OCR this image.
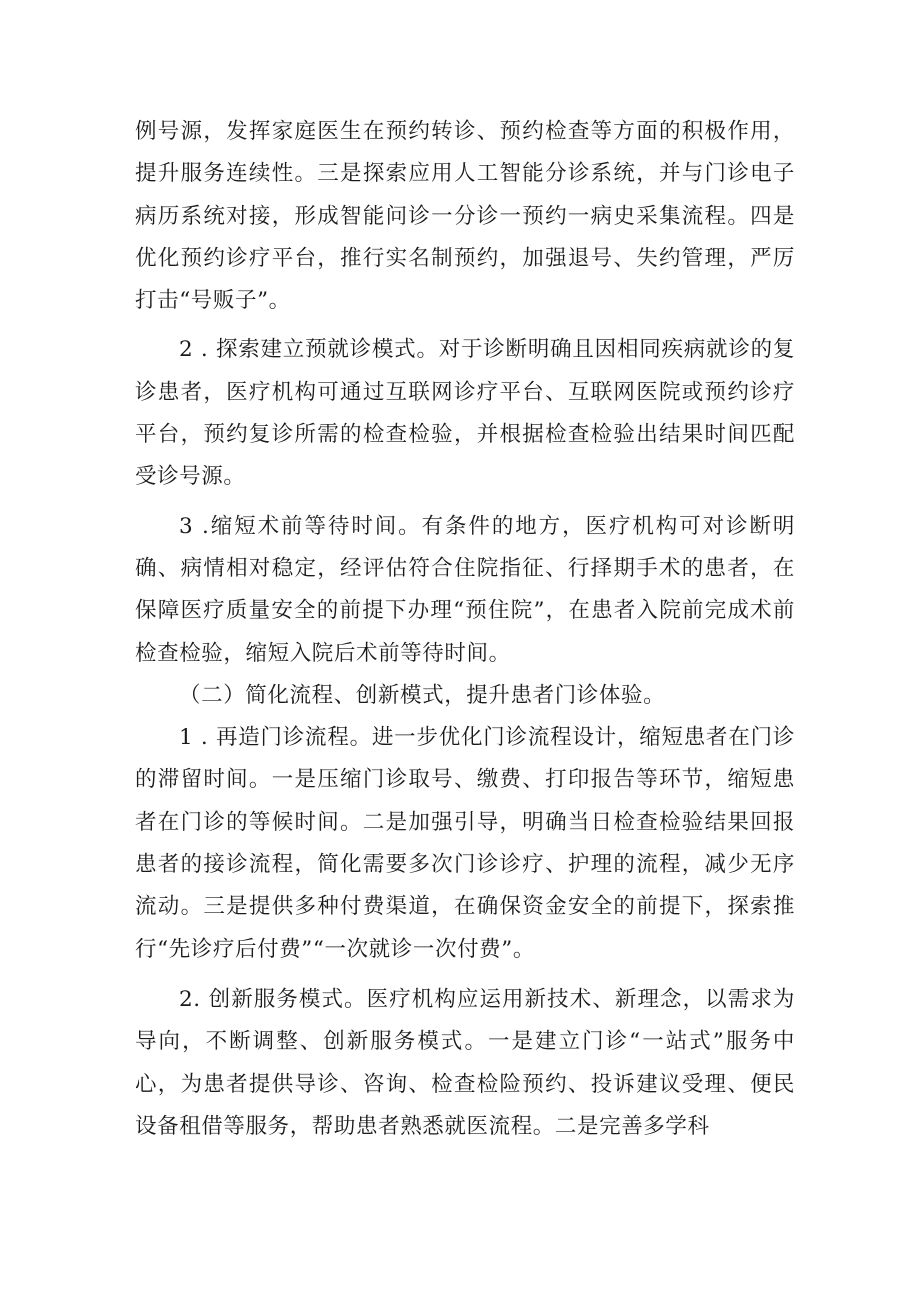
例号源，发挥家庭医生在预约转诊、预约检查等方面的积极作用，提升服务连续性。三是探索应用人工智能分诊系统，并与门诊电子病历系统对接，形成智能问诊一分诊一预约一病史采集流程。四是优化预约诊疗平台，推行实名制预约，加强退号、失约管理，严厉打击“号贩子”。

2 . 探索建立预就诊模式。对于诊断明确且因相同疾病就诊的复诊患者，医疗机构可通过互联网诊疗平台、互联网医院或预约诊疗平台，预约复诊所需的检查检验，并根据检查检验出结果时间匹配受诊号源。

3 .缩短术前等待时间。有条件的地方，医疗机构可对诊断明确、病情相对稳定，经评估符合住院指征、行择期手术的患者，在保障医疗质量安全的前提下办理“预住院”，在患者入院前完成术前检查检验，缩短入院后术前等待时间。

（二）简化流程、创新模式，提升患者门诊体验。

1 . 再造门诊流程。进一步优化门诊流程设计，缩短患者在门诊的滞留时间。一是压缩门诊取号、缴费、打印报告等环节，缩短患者在门诊的等候时间。二是加强引导，明确当日检查检验结果回报患者的接诊流程，简化需要多次门诊诊疗、护理的流程，减少无序流动。三是提供多种付费渠道，在确保资金安全的前提下，探索推行“先诊疗后付费”“一次就诊一次付费”。

2. 创新服务模式。医疗机构应运用新技术、新理念，以需求为导向，不断调整、创新服务模式。一是建立门诊“一站式”服务中心，为患者提供导诊、咨询、检查检险预约、投诉建议受理、便民设备租借等服务，帮助患者熟悉就医流程。二是完善多学科
